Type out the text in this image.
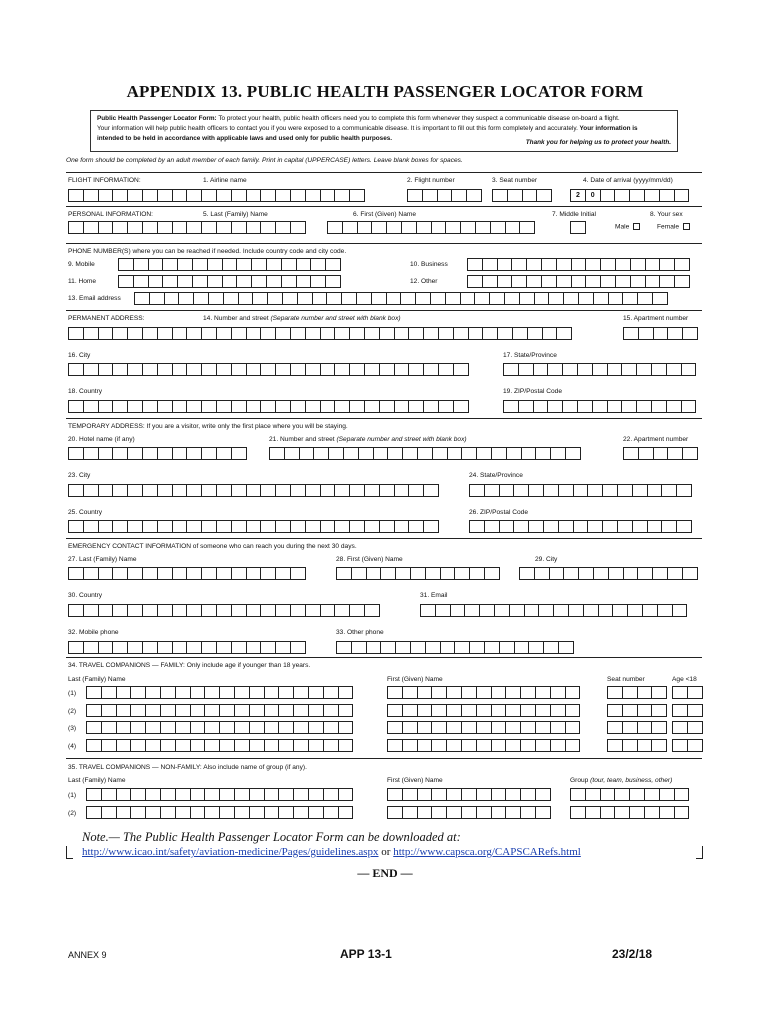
APPENDIX 13. PUBLIC HEALTH PASSENGER LOCATOR FORM
Public Health Passenger Locator Form: To protect your health, public health officers need you to complete this form whenever they suspect a communicable disease on-board a flight.
Your information will help public health officers to contact you if you were exposed to a communicable disease. It is important to fill out this form completely and accurately. Your information is
intended to be held in accordance with applicable laws and used only for public health purposes.
Thank you for helping us to protect your health.
One form should be completed by an adult member of each family. Print in capital (UPPERCASE) letters. Leave blank boxes for spaces.
FLIGHT INFORMATION:	1. Airline name	2. Flight number	3. Seat number	4. Date of arrival (yyyy/mm/dd)
2	0
PERSONAL INFORMATION:	5. Last (Family) Name	6. First (Given) Name	7. Middle Initial	8. Your sex
Male	Female
PHONE NUMBER(S) where you can be reached if needed. Include country code and city code.
9. Mobile	10. Business
11. Home	12. Other
13. Email address
PERMANENT ADDRESS:	14. Number and street (Separate number and street with blank box)	15. Apartment number
16. City	17. State/Province
18. Country	19. ZIP/Postal Code
TEMPORARY ADDRESS: If you are a visitor, write only the first place where you will be staying.
20. Hotel name (if any)	21. Number and street (Separate number and street with blank box)	22. Apartment number
23. City	24. State/Province
25. Country	26. ZIP/Postal Code
EMERGENCY CONTACT INFORMATION of someone who can reach you during the next 30 days.
27. Last (Family) Name	28. First (Given) Name	29. City
30. Country	31. Email
32. Mobile phone	33. Other phone
34. TRAVEL COMPANIONS — FAMILY: Only include age if younger than 18 years.
Last (Family) Name	First (Given) Name	Seat number	Age <18
(1)
(2)
(3)
(4)
35. TRAVEL COMPANIONS — NON-FAMILY: Also include name of group (if any).
Last (Family) Name	First (Given) Name	Group (tour, team, business, other)
(1)
(2)
Note.— The Public Health Passenger Locator Form can be downloaded at:
http://www.icao.int/safety/aviation-medicine/Pages/guidelines.aspx or http://www.capsca.org/CAPSCARefs.html
— END —
ANNEX 9	APP 13-1	23/2/18
